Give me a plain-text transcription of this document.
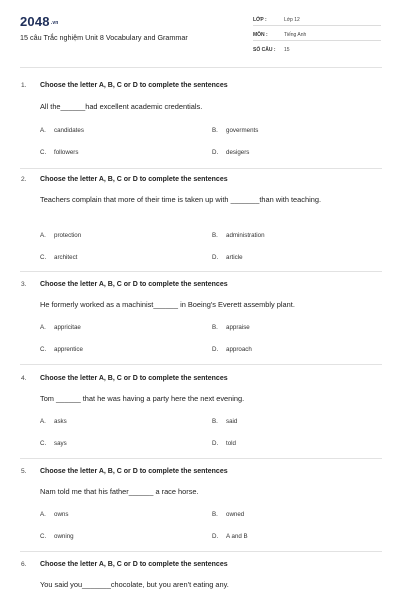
2048.vn
15 câu Trắc nghiệm Unit 8 Vocabulary and Grammar
LỚP :	Lớp 12
MÔN :	Tiếng Anh
SỐ CÂU : 15
1. Choose the letter A, B, C or D to complete the sentences
All the______had excellent academic credentials.
A. candidates	B. goverments
C. followers	D. desigers
2. Choose the letter A, B, C or D to complete the sentences
Teachers complain that more of their time is taken up with _______than with teaching.
A. protection	B. administration
C. architect	D. article
3. Choose the letter A, B, C or D to complete the sentences
He formerly worked as a machinist______ in Boeing's Everett assembly plant.
A. appricitae	B. appraise
C. apprentice	D. approach
4. Choose the letter A, B, C or D to complete the sentences
Tom ______ that he was having a party here the next evening.
A. asks	B. said
C. says	D. told
5. Choose the letter A, B, C or D to complete the sentences
Nam told me that his father______ a race horse.
A. owns	B. owned
C. owning	D. A and B
6. Choose the letter A, B, C or D to complete the sentences
You said you_______chocolate, but you aren't eating any.
